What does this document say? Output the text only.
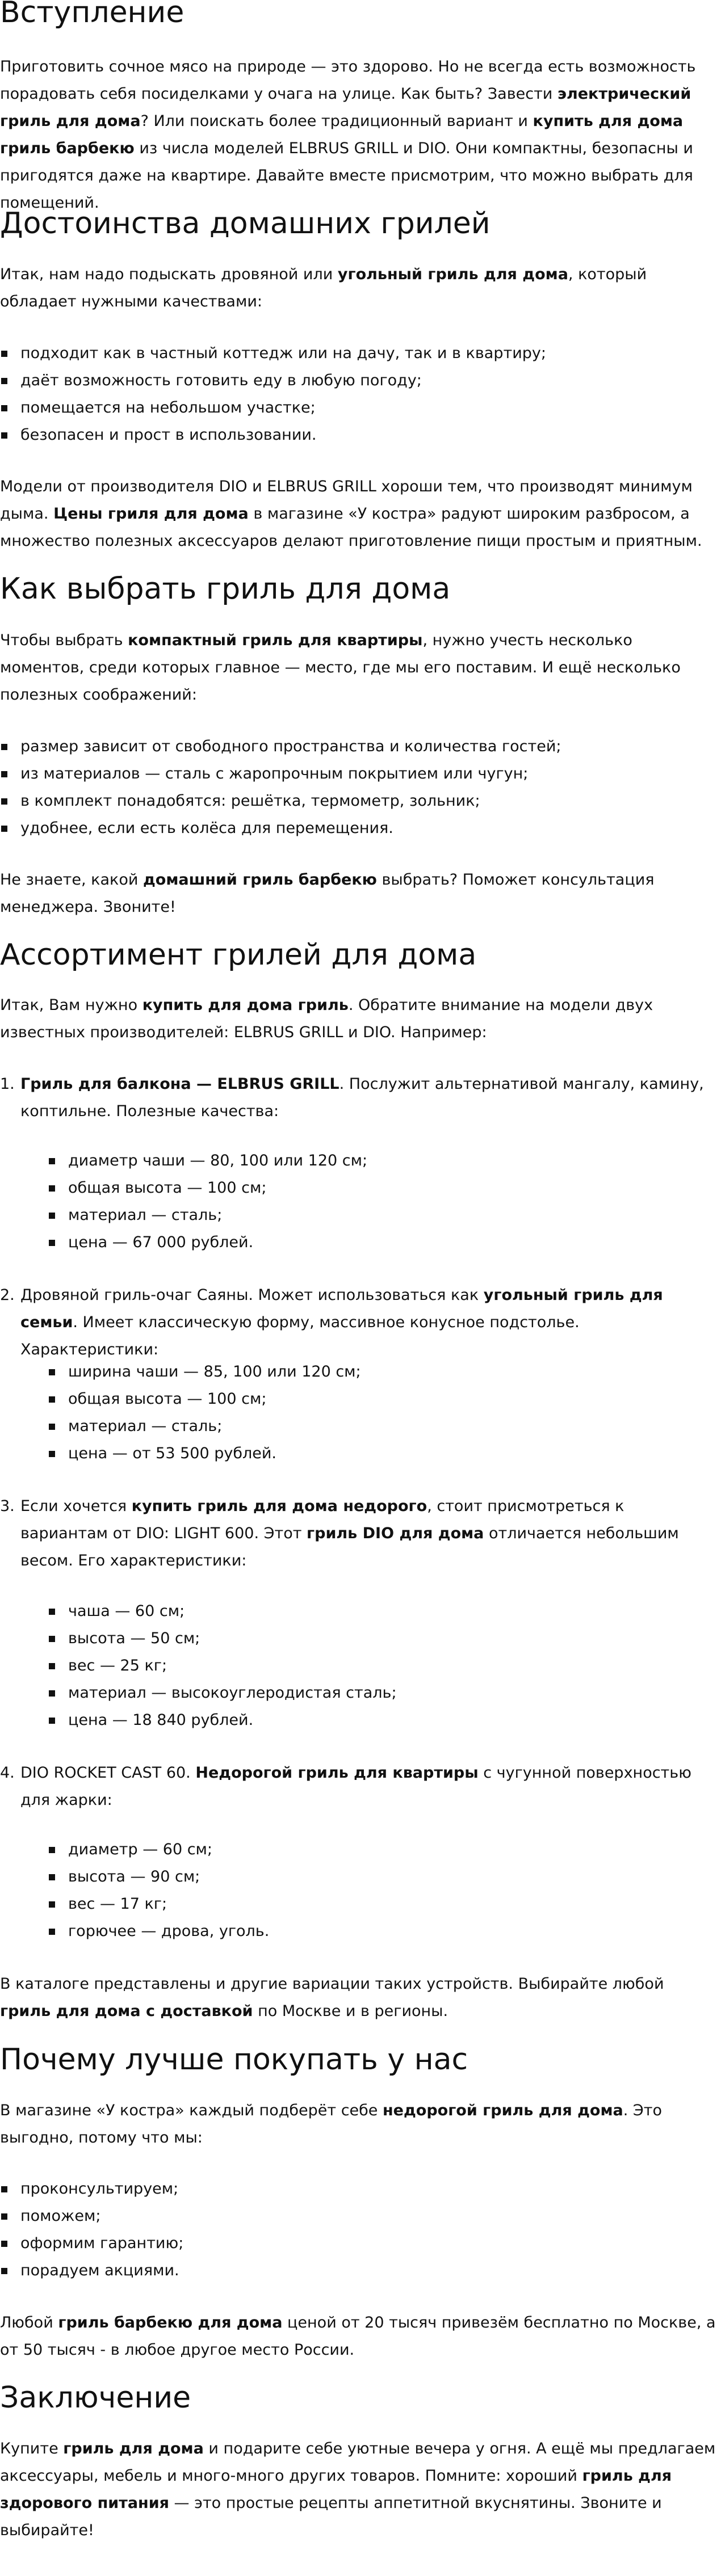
Вступление

Приготовить сочное мясо на природе — это здорово. Но не всегда есть возможность порадовать себя посиделками у очага на улице. Как быть? Завести электрический гриль для дома? Или поискать более традиционный вариант и купить для дома гриль барбекю из числа моделей ELBRUS GRILL и DIO. Они компактны, безопасны и пригодятся даже на квартире. Давайте вместе присмотрим, что можно выбрать для помещений.

Достоинства домашних грилей

Итак, нам надо подыскать дровяной или угольный гриль для дома, который обладает нужными качествами:

подходит как в частный коттедж или на дачу, так и в квартиру;
даёт возможность готовить еду в любую погоду;
помещается на небольшом участке;
безопасен и прост в использовании.

Модели от производителя DIO и ELBRUS GRILL хороши тем, что производят минимум дыма. Цены гриля для дома в магазине «У костра» радуют широким разбросом, а множество полезных аксессуаров делают приготовление пищи простым и приятным.

Как выбрать гриль для дома

Чтобы выбрать компактный гриль для квартиры, нужно учесть несколько моментов, среди которых главное — место, где мы его поставим. И ещё несколько полезных соображений:

размер зависит от свободного пространства и количества гостей;
из материалов — сталь с жаропрочным покрытием или чугун;
в комплект понадобятся: решётка, термометр, зольник;
удобнее, если есть колёса для перемещения.

Не знаете, какой домашний гриль барбекю выбрать? Поможет консультация менеджера. Звоните!

Ассортимент грилей для дома

Итак, Вам нужно купить для дома гриль. Обратите внимание на модели двух известных производителей: ELBRUS GRILL и DIO. Например:

1. Гриль для балкона — ELBRUS GRILL. Послужит альтернативой мангалу, камину, коптильне. Полезные качества:
диаметр чаши — 80, 100 или 120 см;
общая высота — 100 см;
материал — сталь;
цена — 67 000 рублей.
2. Дровяной гриль-очаг Саяны. Может использоваться как угольный гриль для семьи. Имеет классическую форму, массивное конусное подстолье. Характеристики:
ширина чаши — 85, 100 или 120 см;
общая высота — 100 см;
материал — сталь;
цена — от 53 500 рублей.
3. Если хочется купить гриль для дома недорого, стоит присмотреться к вариантам от DIO: LIGHT 600. Этот гриль DIO для дома отличается небольшим весом. Его характеристики:
чаша — 60 см;
высота — 50 см;
вес — 25 кг;
материал — высокоуглеродистая сталь;
цена — 18 840 рублей.
4. DIO ROCKET CAST 60. Недорогой гриль для квартиры с чугунной поверхностью для жарки:
диаметр — 60 см;
высота — 90 см;
вес — 17 кг;
горючее — дрова, уголь.

В каталоге представлены и другие вариации таких устройств. Выбирайте любой гриль для дома с доставкой по Москве и в регионы.

Почему лучше покупать у нас

В магазине «У костра» каждый подберёт себе недорогой гриль для дома. Это выгодно, потому что мы:

проконсультируем;
поможем;
оформим гарантию;
порадуем акциями.

Любой гриль барбекю для дома ценой от 20 тысяч привезём бесплатно по Москве, а от 50 тысяч - в любое другое место России.

Заключение

Купите гриль для дома и подарите себе уютные вечера у огня. А ещё мы предлагаем аксессуары, мебель и много-много других товаров. Помните: хороший гриль для здорового питания — это простые рецепты аппетитной вкуснятины. Звоните и выбирайте!
